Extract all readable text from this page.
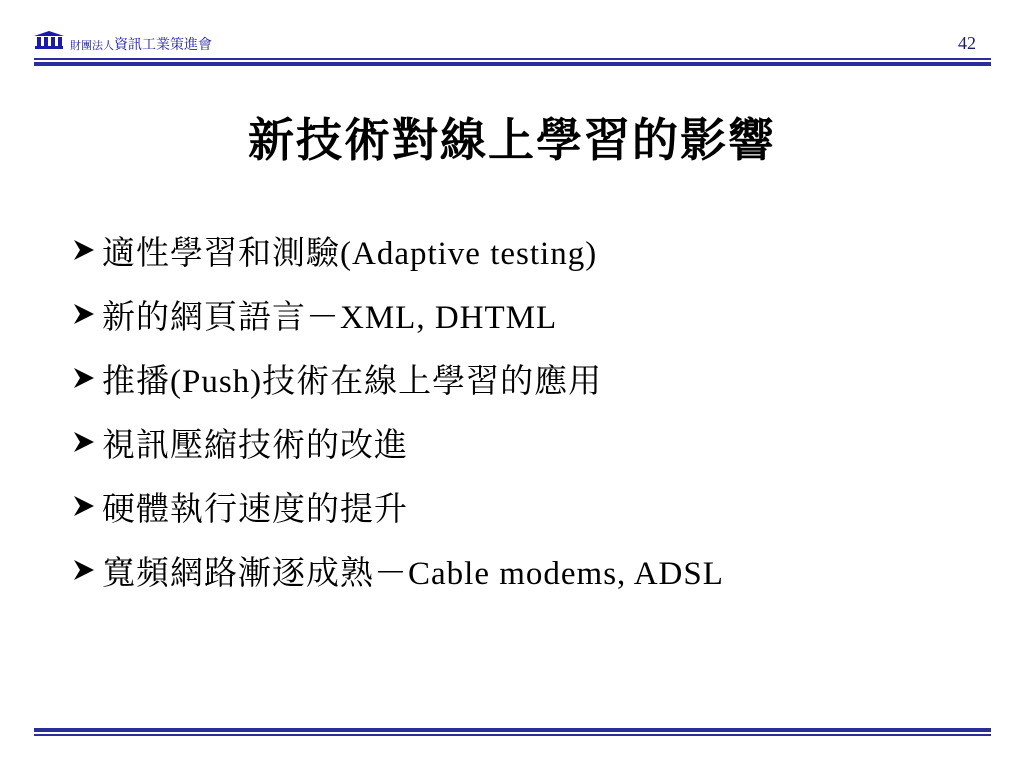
財團法人資訊工業策進會	42
新技術對線上學習的影響
適性學習和測驗(Adaptive testing)
新的網頁語言－XML, DHTML
推播(Push)技術在線上學習的應用
視訊壓縮技術的改進
硬體執行速度的提升
寬頻網路漸逐成熟－Cable modems, ADSL
